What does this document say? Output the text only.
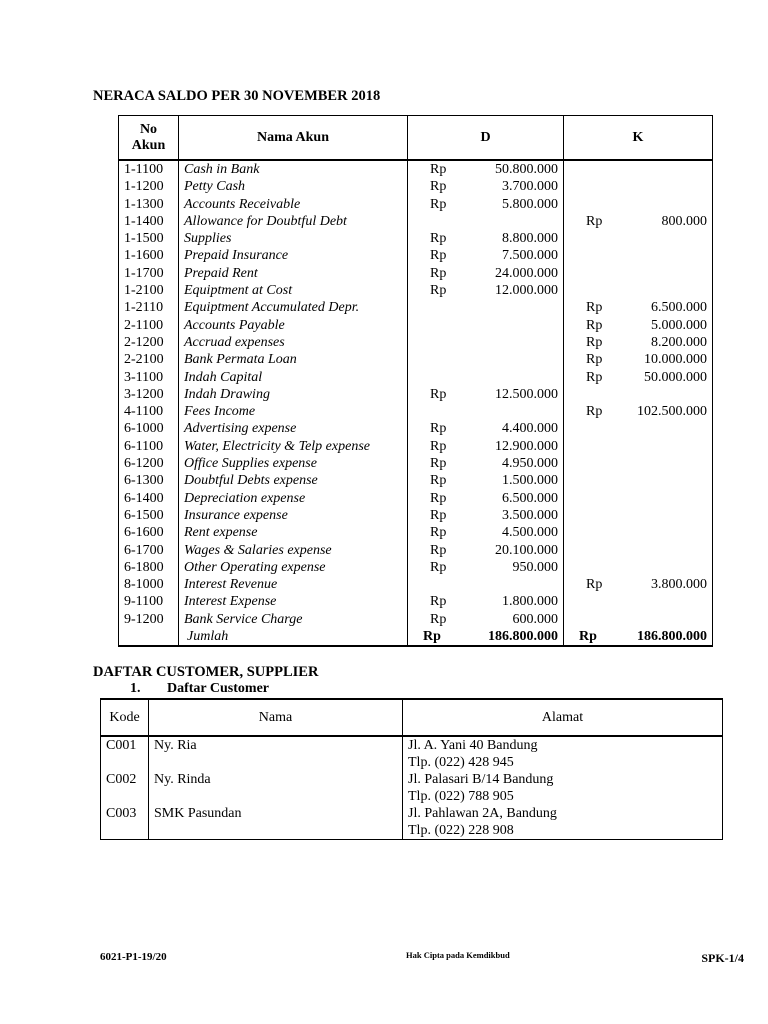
NERACA SALDO PER 30 NOVEMBER 2018
No
Akun	Nama Akun	D	K
1-1100	Cash in Bank	Rp 50.800.000	

1-1200	Petty Cash	Rp 3.700.000	

1-1300	Accounts Receivable	Rp 5.800.000	

1-1400	Allowance for Doubtful Debt		Rp 800.000

1-1500	Supplies	Rp 8.800.000	

1-1600	Prepaid Insurance	Rp 7.500.000	

1-1700	Prepaid Rent	Rp 24.000.000	

1-2100	Equiptment at Cost	Rp 12.000.000	

1-2110	Equiptment Accumulated Depr.		Rp 6.500.000

2-1100	Accounts Payable		Rp 5.000.000

2-1200	Accruad expenses		Rp 8.200.000

2-2100	Bank Permata Loan		Rp 10.000.000

3-1100	Indah Capital		Rp 50.000.000

3-1200	Indah Drawing	Rp 12.500.000	

4-1100	Fees Income		Rp 102.500.000

6-1000	Advertising expense	Rp 4.400.000	

6-1100	Water, Electricity & Telp expense	Rp 12.900.000	

6-1200	Office Supplies expense	Rp 4.950.000	

6-1300	Doubtful Debts expense	Rp 1.500.000	

6-1400	Depreciation expense	Rp 6.500.000	

6-1500	Insurance expense	Rp 3.500.000	

6-1600	Rent expense	Rp 4.500.000	

6-1700	Wages & Salaries expense	Rp 20.100.000	

6-1800	Other Operating expense	Rp 950.000	

8-1000	Interest Revenue		Rp 3.800.000

9-1100	Interest Expense	Rp 1.800.000	

9-1200	Bank Service Charge	Rp 600.000	

	Jumlah	Rp 186.800.000	Rp 186.800.000
DAFTAR CUSTOMER, SUPPLIER
1. Daftar Customer
Kode	Nama	Alamat
C001	Ny. Ria	Jl. A. Yani 40 Bandung
Tlp. (022) 428 945

C002	Ny. Rinda	Jl. Palasari B/14 Bandung
Tlp. (022) 788 905

C003	SMK Pasundan	Jl. Pahlawan 2A, Bandung
Tlp. (022) 228 908
6021-P1-19/20	Hak Cipta pada Kemdikbud	SPK-1/4
